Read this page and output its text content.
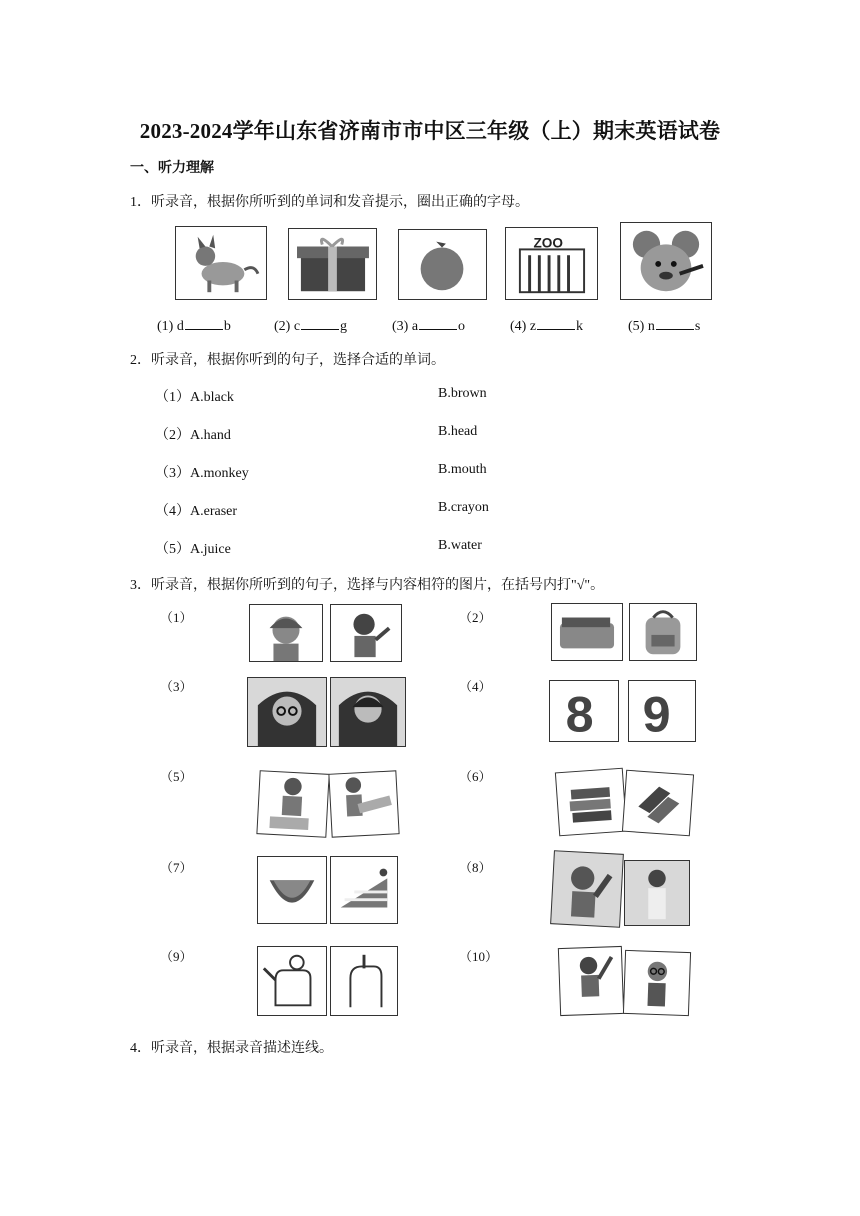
2023-2024学年山东省济南市市中区三年级（上）期末英语试卷
一、听力理解
1．听录音，根据你所听到的单词和发音提示，圈出正确的字母。
ZOO
(1) d	b	(2) c	g	(3) a	o	(4) z	k	(5) n	s
2．听录音，根据你听到的句子，选择合适的单词。
（1）A.black	B.brown
（2）A.hand	B.head
（3）A.monkey	B.mouth
（4）A.eraser	B.crayon
（5）A.juice	B.water
3．听录音，根据你所听到的句子，选择与内容相符的图片，在括号内打"√"。
（1）	（2）
（3）	（4） 8 9
（5）	（6）
（7）	（8）
（9）	（10）
4．听录音，根据录音描述连线。
